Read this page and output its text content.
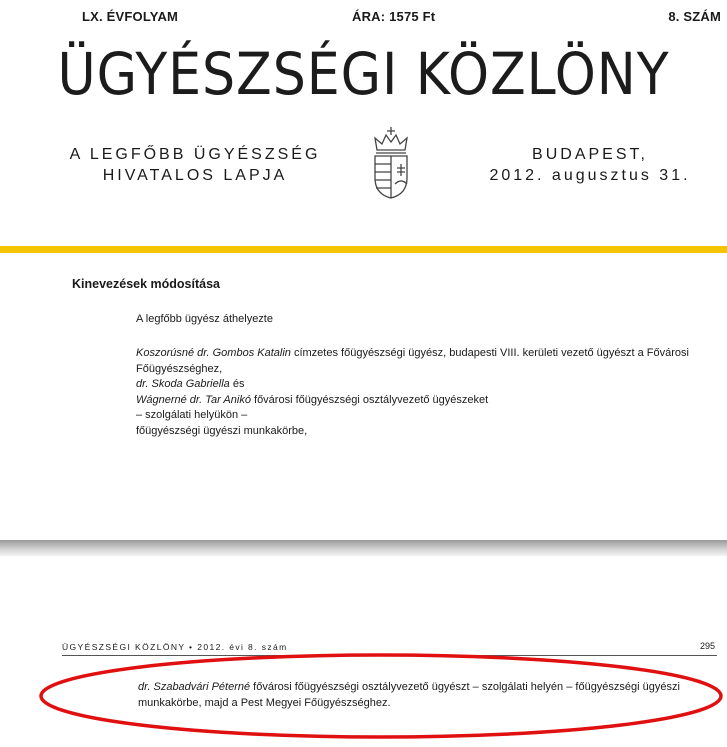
LX. ÉVFOLYAM	ÁRA: 1575 Ft	8. SZÁM
ÜGYÉSZSÉGI KÖZLÖNY
A LEGFŐBB ÜGYÉSZSÉG
HIVATALOS LAPJA
BUDAPEST,
2012. augusztus 31.
Kinevezések módosítása
A legfőbb ügyész áthelyezte
Koszorúsné dr. Gombos Katalin címzetes főügyészségi ügyész, budapesti VIII. kerületi vezető ügyészt a Fővárosi Főügyészséghez,
dr. Skoda Gabriella és
Wágnerné dr. Tar Anikó fővárosi főügyészségi osztályvezető ügyészeket
– szolgálati helyükön –
főügyészségi ügyészi munkakörbe,
ÜGYÉSZSÉGI KÖZLÖNY • 2012. évi 8. szám	295
dr. Szabadvári Péterné fővárosi főügyészségi osztályvezető ügyészt – szolgálati helyén – főügyészségi ügyészi munkakörbe, majd a Pest Megyei Főügyészséghez.
